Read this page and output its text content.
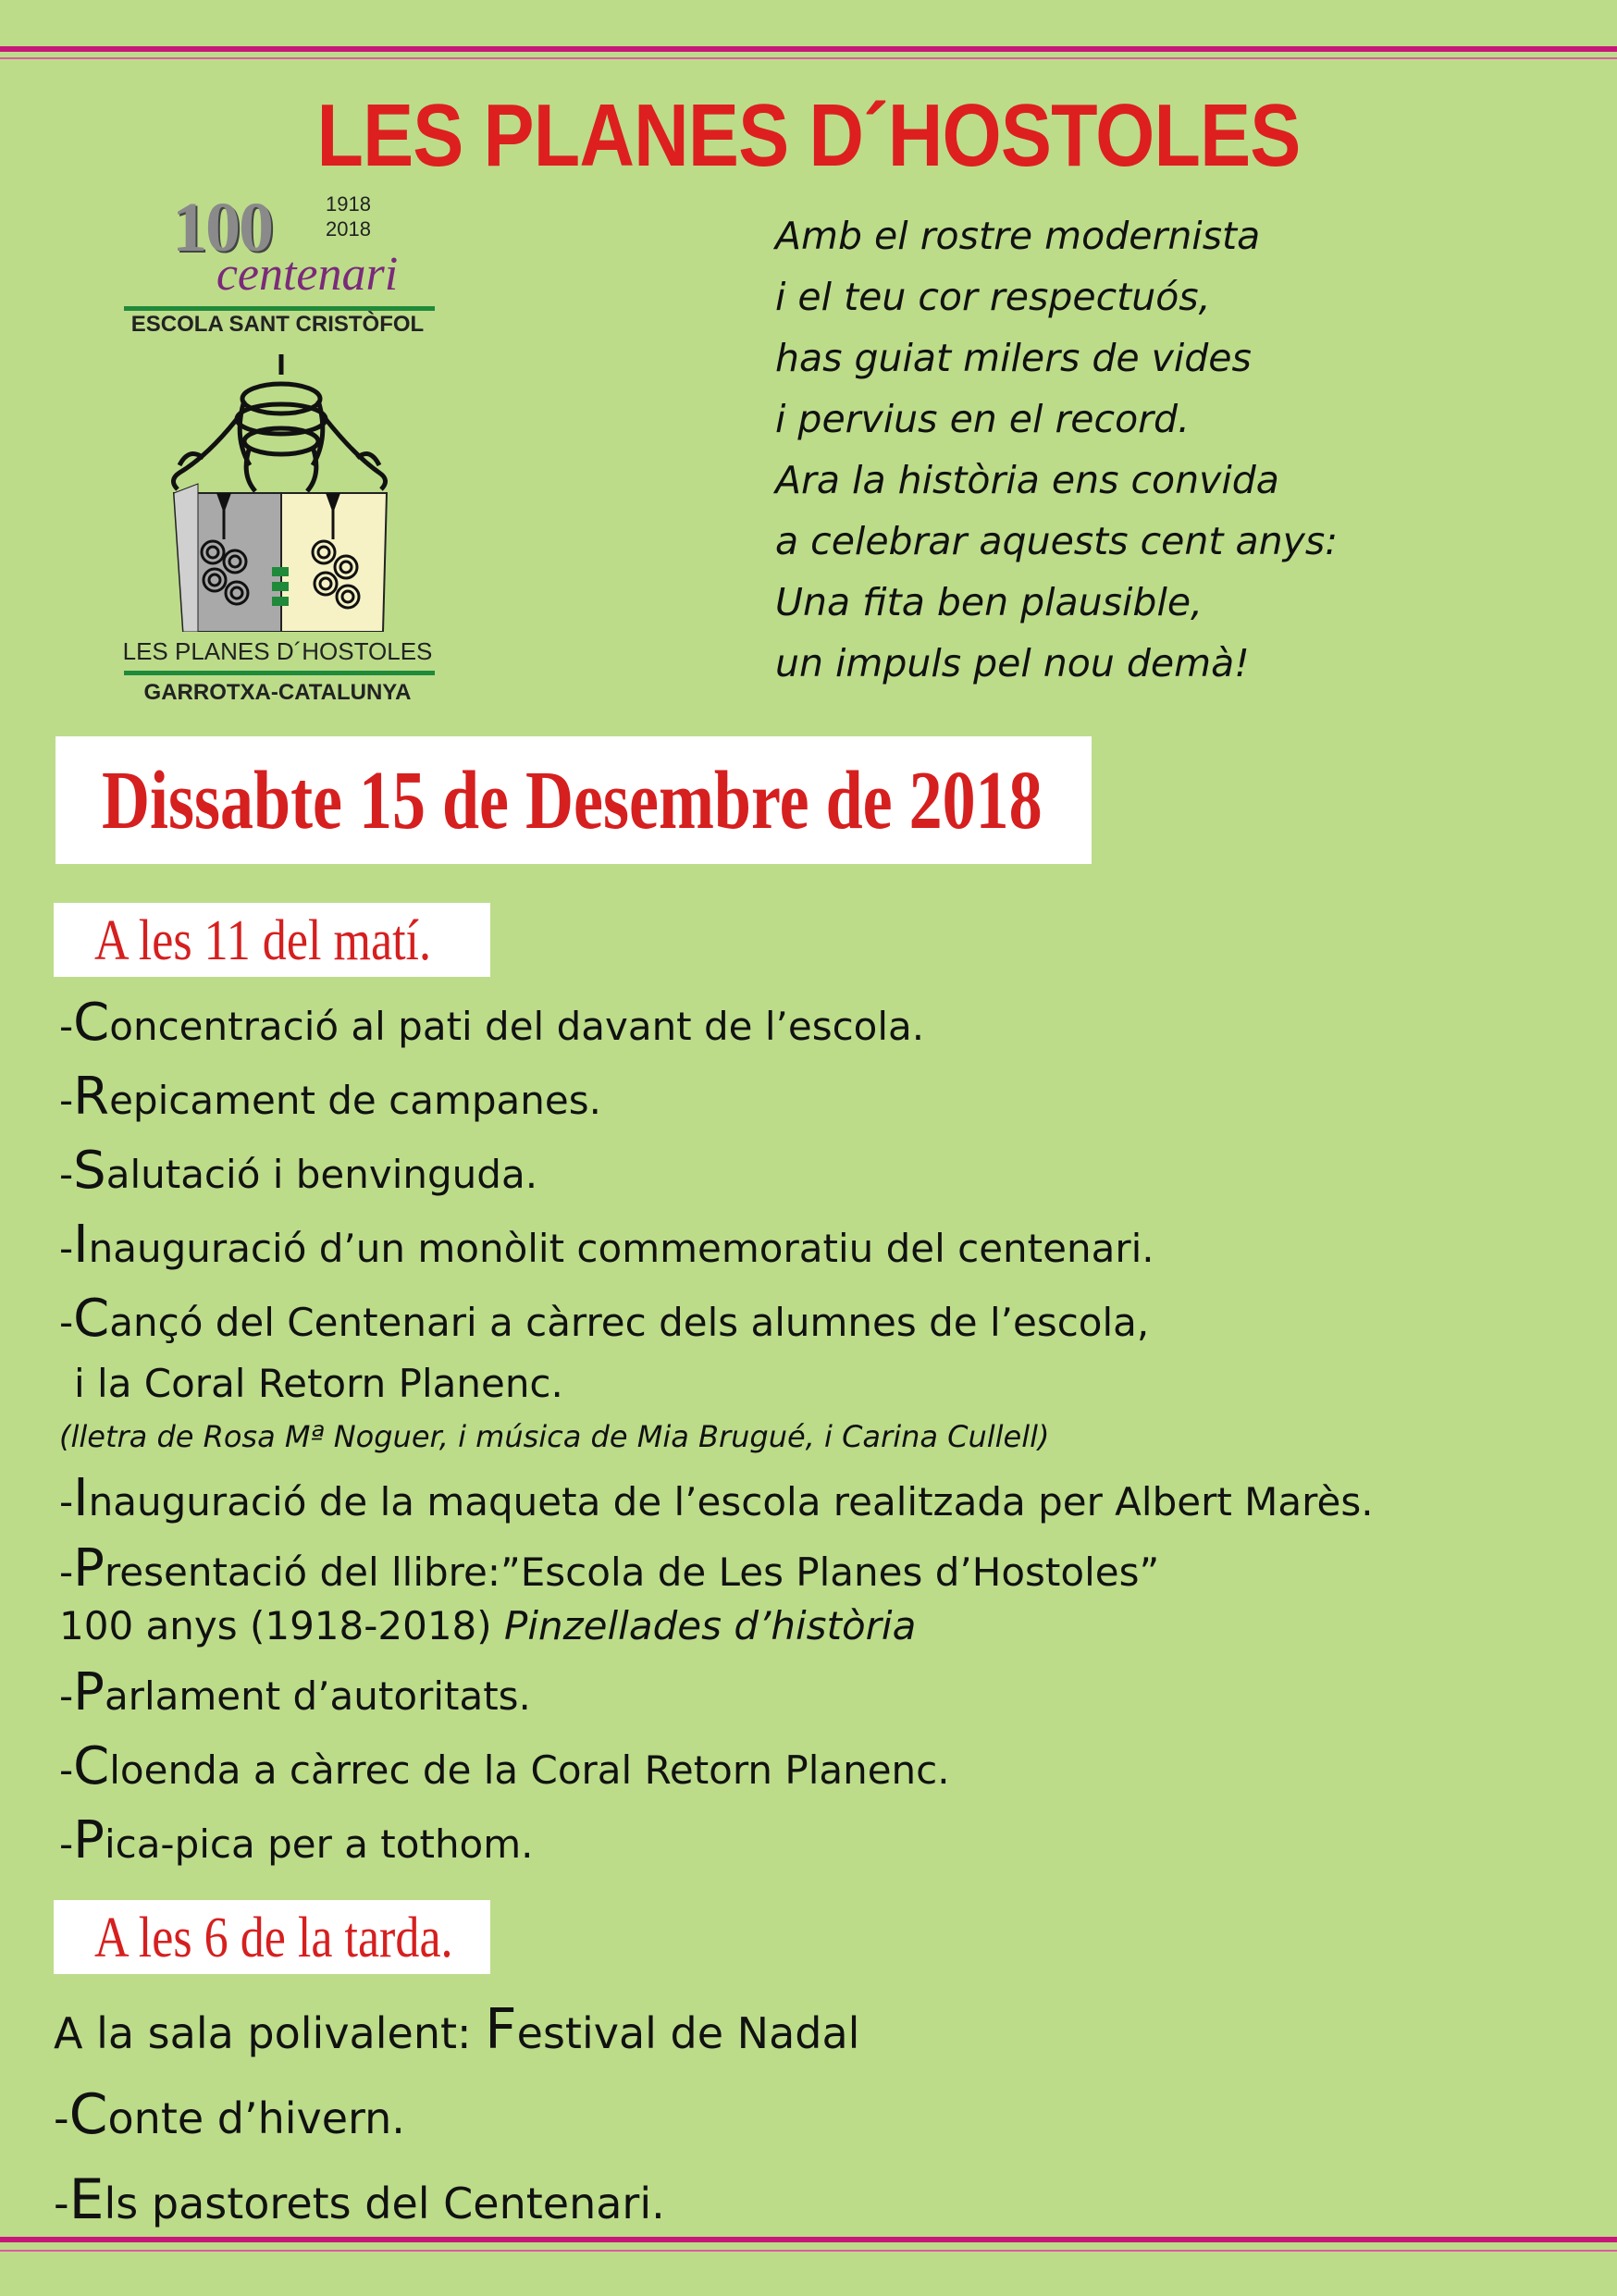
LES PLANES D´HOSTOLES
100	1918
2018
centenari
ESCOLA SANT CRISTÒFOL
LES PLANES D´HOSTOLES
GARROTXA-CATALUNYA
Amb el rostre modernista
i el teu cor respectuós,
has guiat milers de vides
i pervius en el record.
Ara la història ens convida
a celebrar aquests cent anys:
Una fita ben plausible,
un impuls pel nou demà!
Dissabte 15 de Desembre de 2018
A les 11 del matí.
-Concentració al pati del davant de l’escola.
-Repicament de campanes.
-Salutació i benvinguda.
-Inauguració d’un monòlit commemoratiu del centenari.
-Cançó del Centenari a càrrec dels alumnes de l’escola,
i la Coral Retorn Planenc.
(lletra de Rosa Mª Noguer, i música de Mia Brugué, i Carina Cullell)
-Inauguració de la maqueta de l’escola realitzada per Albert Marès.
-Presentació del llibre:”Escola de Les Planes d’Hostoles”
100 anys (1918-2018) Pinzellades d’història
-Parlament d’autoritats.
-Cloenda a càrrec de la Coral Retorn Planenc.
-Pica-pica per a tothom.
A les 6 de la tarda.
A la sala polivalent: Festival de Nadal
-Conte d’hivern.
-Els pastorets del Centenari.
